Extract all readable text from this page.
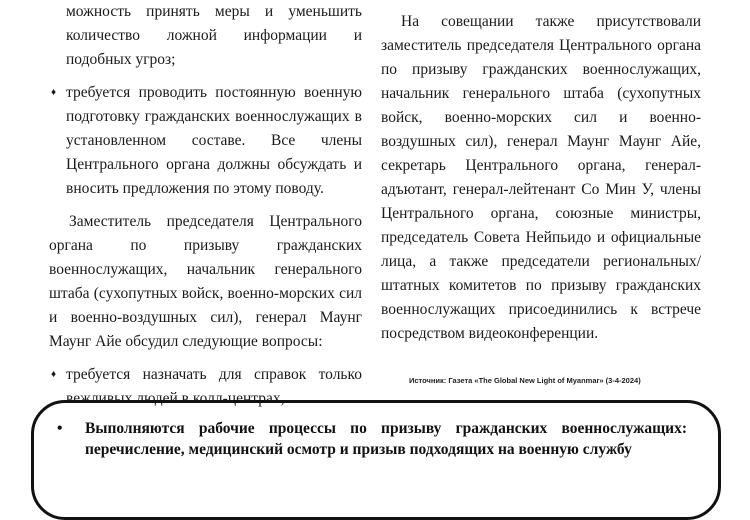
можность принять меры и уменьшить количество ложной информации и подобных угроз;

♦ требуется проводить постоянную военную подготовку гражданских военнослужащих в установленном составе. Все члены Центрального органа должны обсуждать и вносить предложения по этому поводу.

Заместитель председателя Центрального органа по призыву гражданских военнослужащих, начальник генерального штаба (сухопутных войск, военно-морских сил и военно-воздушных сил), генерал Маунг Маунг Айе обсудил следующие вопросы:

♦ требуется назначать для справок только вежливых людей в колл-центрах,

На совещании также присутствовали заместитель председателя Центрального органа по призыву гражданских военнослужащих, начальник генерального штаба (сухопутных войск, военно-морских сил и военно-воздушных сил), генерал Маунг Маунг Айе, секретарь Центрального органа, генерал-адъютант, генерал-лейтенант Со Мин У, члены Центрального органа, союзные министры, председатель Совета Нейпьидо и официальные лица, а также председатели региональных/штатных комитетов по призыву гражданских военнослужащих присоединились к встрече посредством видеоконференции.

Источник: Газета «The Global New Light of Myanmar» (3-4-2024)
•	Выполняются рабочие процессы по призыву гражданских военнослужащих: перечисление, медицинский осмотр и призыв подходящих на военную службу
